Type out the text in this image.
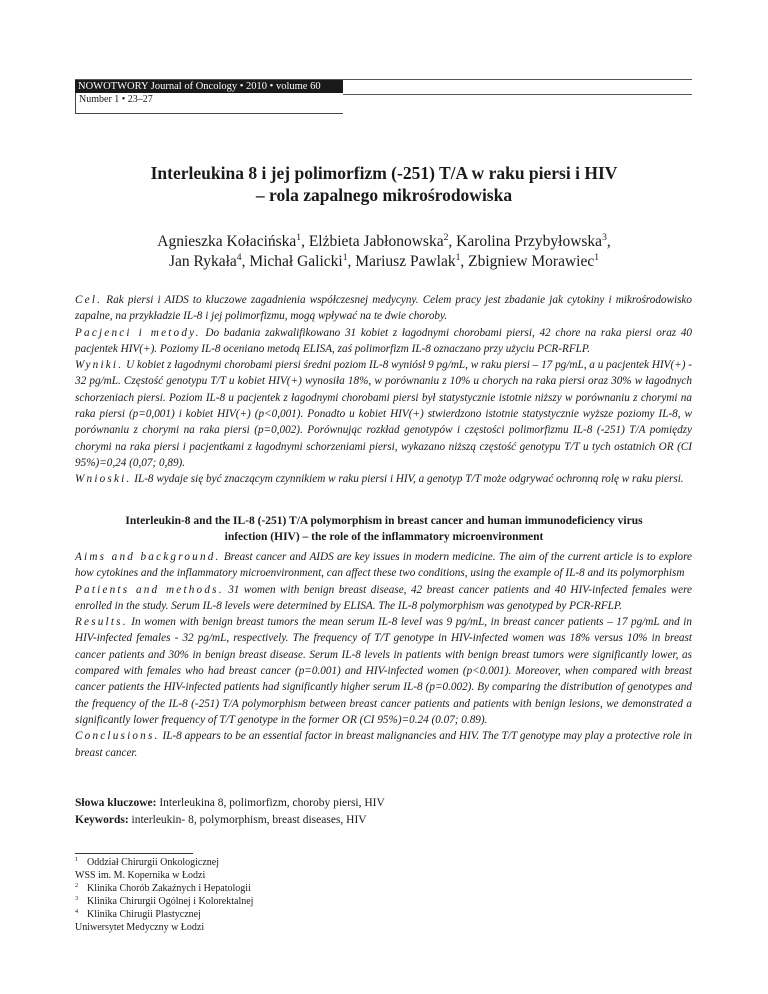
NOWOTWORY Journal of Oncology • 2010 • volume 60
Number 1 • 23–27
Interleukina 8 i jej polimorfizm (-251) T/A w raku piersi i HIV
– rola zapalnego mikrośrodowiska
Agnieszka Kołacińska$^1$, Elżbieta Jabłonowska$^2$, Karolina Przybyłowska$^3$,
Jan Rykała$^4$, Michał Galicki$^1$, Mariusz Pawlak$^1$, Zbigniew Morawiec$^1$

Cel. Rak piersi i AIDS to kluczowe zagadnienia współczesnej medycyny. Celem pracy jest zbadanie jak cytokiny i mikrośrodowisko zapalne, na przykładzie IL-8 i jej polimorfizmu, mogą wpływać na te dwie choroby.

Pacjenci i metody. Do badania zakwalifikowano 31 kobiet z łagodnymi chorobami piersi, 42 chore na raka piersi oraz 40 pacjentek HIV(+). Poziomy IL-8 oceniano metodą ELISA, zaś polimorfizm IL-8 oznaczano przy użyciu PCR-RFLP.

Wyniki. U kobiet z łagodnymi chorobami piersi średni poziom IL-8 wyniósł 9 pg/mL, w raku piersi – 17 pg/mL, a u pacjentek HIV(+) - 32 pg/mL. Częstość genotypu T/T u kobiet HIV(+) wynosiła 18%, w porównaniu z 10% u chorych na raka piersi oraz 30% w łagodnych schorzeniach piersi. Poziom IL-8 u pacjentek z łagodnymi chorobami piersi był statystycznie istotnie niższy w porównaniu z chorymi na raka piersi (p=0,001) i kobiet HIV(+) (p<0,001). Ponadto u kobiet HIV(+) stwierdzono istotnie statystycznie wyższe poziomy IL-8, w porównaniu z chorymi na raka piersi (p=0,002). Porównując rozkład genotypów i częstości polimorfizmu IL-8 (-251) T/A pomiędzy chorymi na raka piersi i pacjentkami z łagodnymi schorzeniami piersi, wykazano niższą częstość genotypu T/T u tych ostatnich OR (CI 95%)=0,24 (0,07; 0,89).

Wnioski. IL-8 wydaje się być znaczącym czynnikiem w raku piersi i HIV, a genotyp T/T może odgrywać ochronną rolę w raku piersi.

Interleukin-8 and the IL-8 (-251) T/A polymorphism in breast cancer and human immunodeficiency virus
infection (HIV) – the role of the inflammatory microenvironment

Aims and background. Breast cancer and AIDS are key issues in modern medicine. The aim of the current article is to explore how cytokines and the inflammatory microenvironment, can affect these two conditions, using the example of IL-8 and its polymorphism

Patients and methods. 31 women with benign breast disease, 42 breast cancer patients and 40 HIV-infected females were enrolled in the study. Serum IL-8 levels were determined by ELISA. The IL-8 polymorphism was genotyped by PCR-RFLP.

Results. In women with benign breast tumors the mean serum IL-8 level was 9 pg/mL, in breast cancer patients – 17 pg/mL and in HIV-infected females - 32 pg/mL, respectively. The frequency of T/T genotype in HIV-infected women was 18% versus 10% in breast cancer patients and 30% in benign breast disease. Serum IL-8 levels in patients with benign breast tumors were significantly lower, as compared with females who had breast cancer (p=0.001) and HIV-infected women (p<0.001). Moreover, when compared with breast cancer patients the HIV-infected patients had significantly higher serum IL-8 (p=0.002). By comparing the distribution of genotypes and the frequency of the IL-8 (-251) T/A polymorphism between breast cancer patients and patients with benign lesions, we demonstrated a significantly lower frequency of T/T genotype in the former OR (CI 95%)=0.24 (0.07; 0.89).

Conclusions. IL-8 appears to be an essential factor in breast malignancies and HIV. The T/T genotype may play a protective role in breast cancer.

Słowa kluczowe: Interleukina 8, polimorfizm, choroby piersi, HIV
Keywords: interleukin- 8, polymorphism, breast diseases, HIV
$^1$ Oddział Chirurgii Onkologicznej
WSS im. M. Kopernika w Łodzi
$^2$ Klinika Chorób Zakaźnych i Hepatologii
$^3$ Klinika Chirurgii Ogólnej i Kolorektalnej
$^4$ Klinika Chirugii Plastycznej
Uniwersytet Medyczny w Łodzi
